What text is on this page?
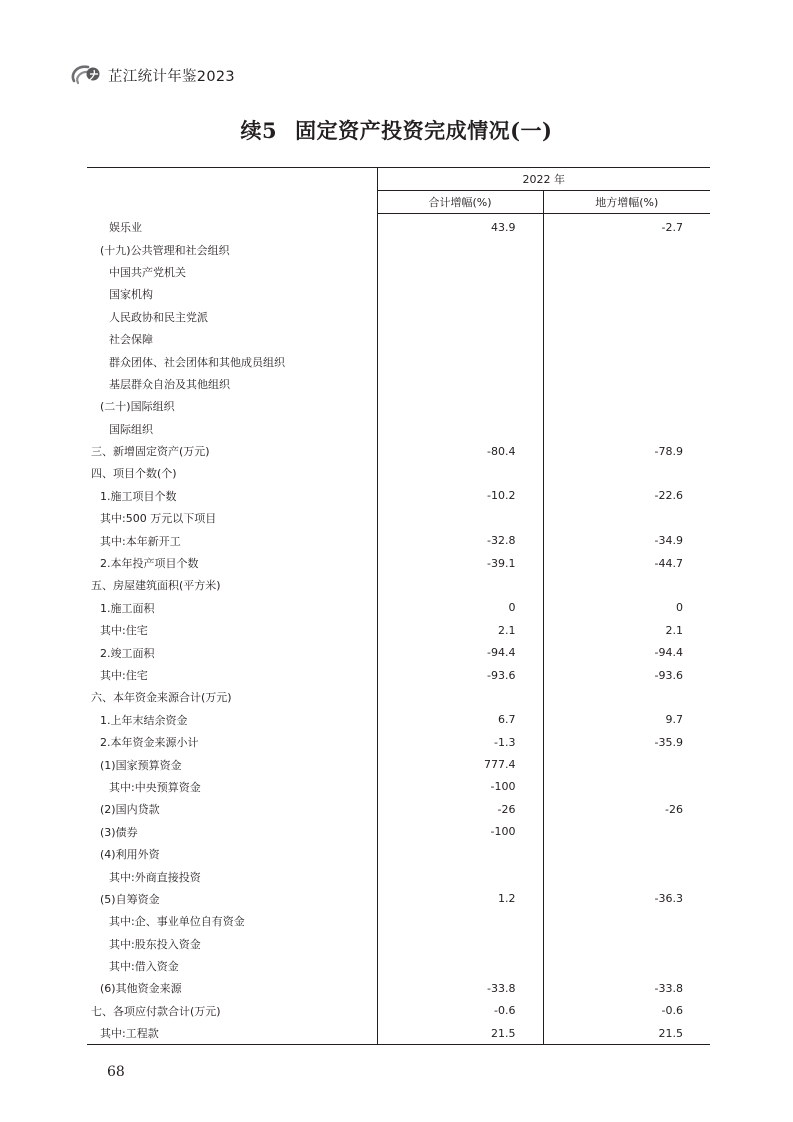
芷江统计年鉴2023
续5 固定资产投资完成情况(一)
	2022 年	
	合计增幅(%)	地方增幅(%)
娱乐业	43.9	-2.7
(十九)公共管理和社会组织		
中国共产党机关		
国家机构		
人民政协和民主党派		
社会保障		
群众团体、社会团体和其他成员组织		
基层群众自治及其他组织		
(二十)国际组织		
国际组织		
三、新增固定资产(万元)	-80.4	-78.9
四、项目个数(个)		
1.施工项目个数	-10.2	-22.6
其中:500 万元以下项目		
其中:本年新开工	-32.8	-34.9
2.本年投产项目个数	-39.1	-44.7
五、房屋建筑面积(平方米)		
1.施工面积	0	0
其中:住宅	2.1	2.1
2.竣工面积	-94.4	-94.4
其中:住宅	-93.6	-93.6
六、本年资金来源合计(万元)		
1.上年末结余资金	6.7	9.7
2.本年资金来源小计	-1.3	-35.9
(1)国家预算资金	777.4	
其中:中央预算资金	-100	
(2)国内贷款	-26	-26
(3)债券	-100	
(4)利用外资		
其中:外商直接投资		
(5)自筹资金	1.2	-36.3
其中:企、事业单位自有资金		
其中:股东投入资金		
其中:借入资金		
(6)其他资金来源	-33.8	-33.8
七、各项应付款合计(万元)	-0.6	-0.6
其中:工程款	21.5	21.5
68
